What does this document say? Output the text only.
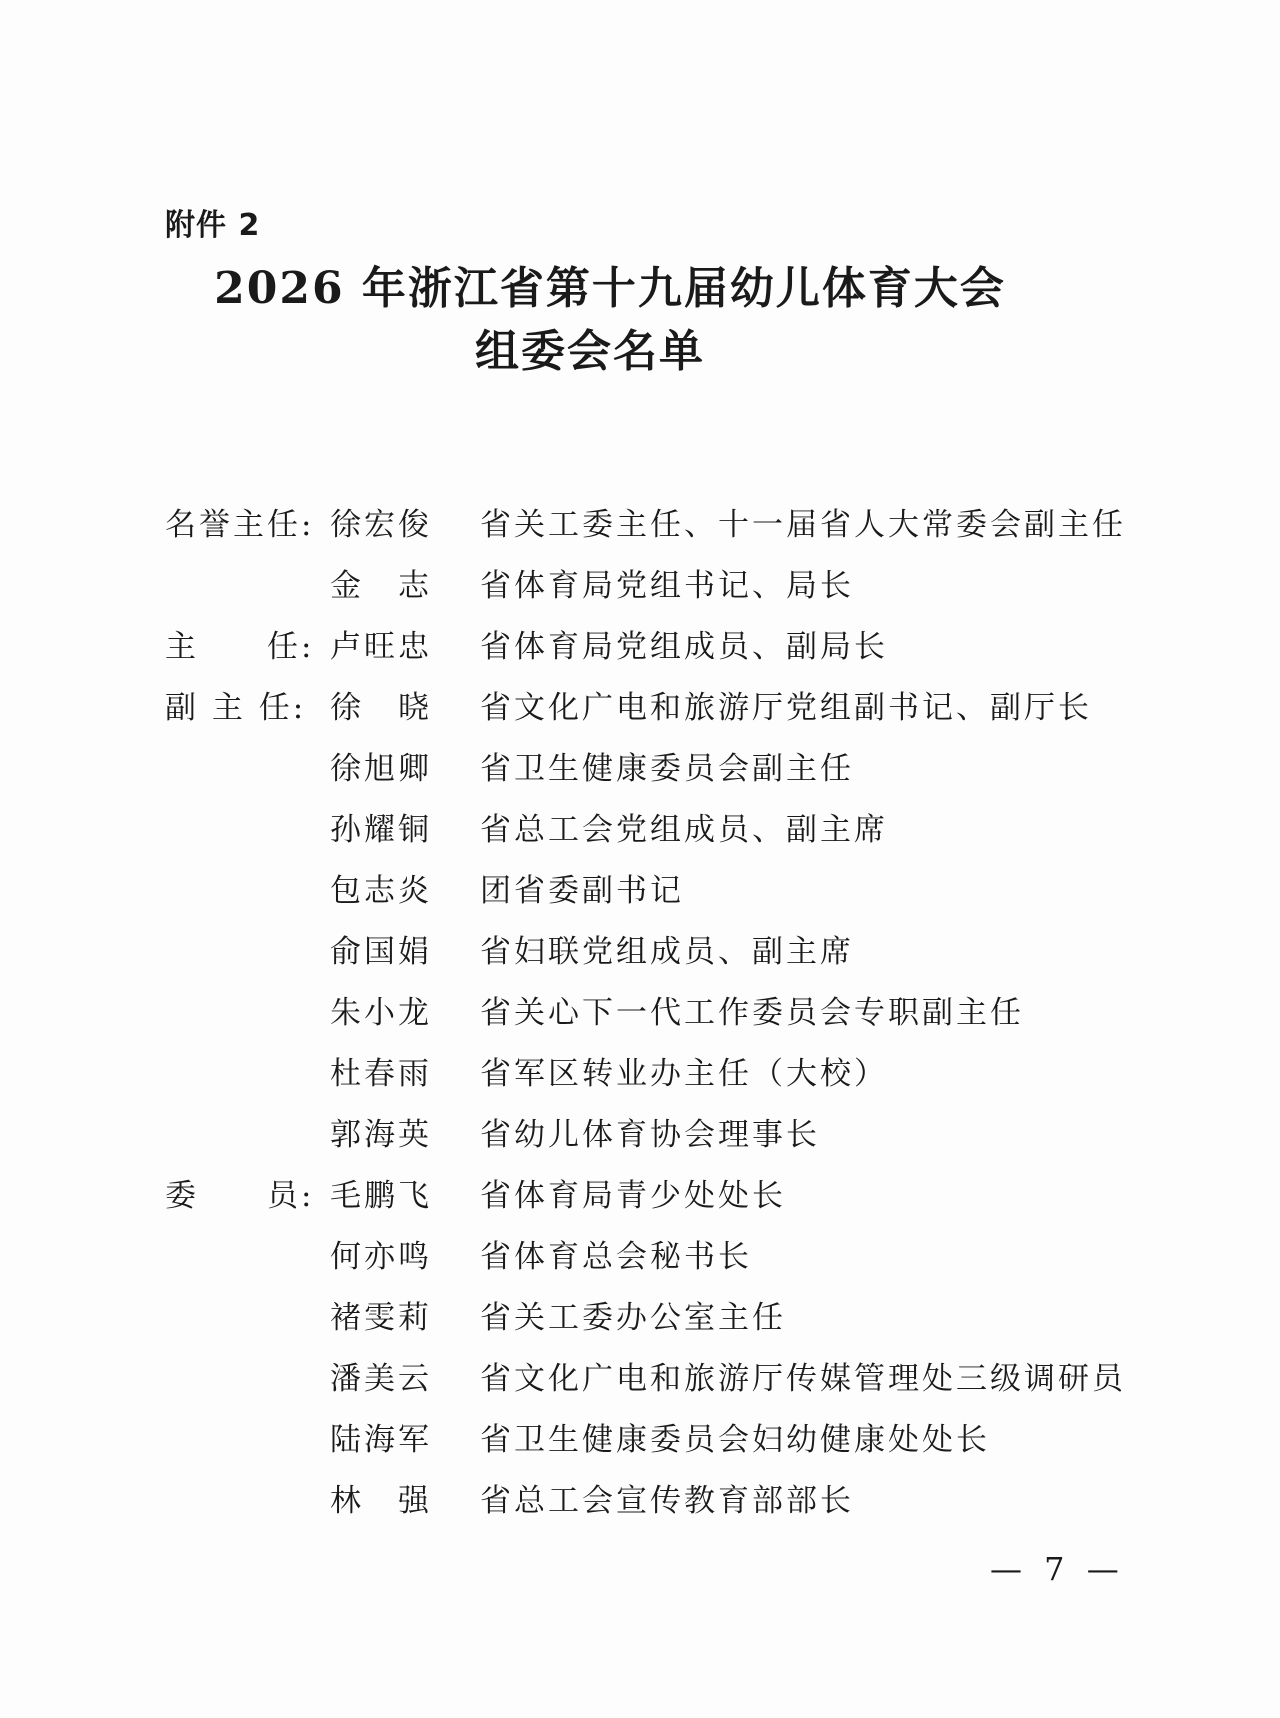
附件 2
2026 年浙江省第十九届幼儿体育大会
组委会名单
名誉主任: 徐宏俊	省关工委主任、十一届省人大常委会副主任
金　志	省体育局党组书记、局长
主　　任: 卢旺忠	省体育局党组成员、副局长
副 主 任: 徐　晓	省文化广电和旅游厅党组副书记、副厅长
徐旭卿	省卫生健康委员会副主任
孙耀铜	省总工会党组成员、副主席
包志炎	团省委副书记
俞国娟	省妇联党组成员、副主席
朱小龙	省关心下一代工作委员会专职副主任
杜春雨	省军区转业办主任（大校）
郭海英	省幼儿体育协会理事长
委　　员: 毛鹏飞	省体育局青少处处长
何亦鸣	省体育总会秘书长
褚雯莉	省关工委办公室主任
潘美云	省文化广电和旅游厅传媒管理处三级调研员
陆海军	省卫生健康委员会妇幼健康处处长
林　强	省总工会宣传教育部部长
— 7 —
